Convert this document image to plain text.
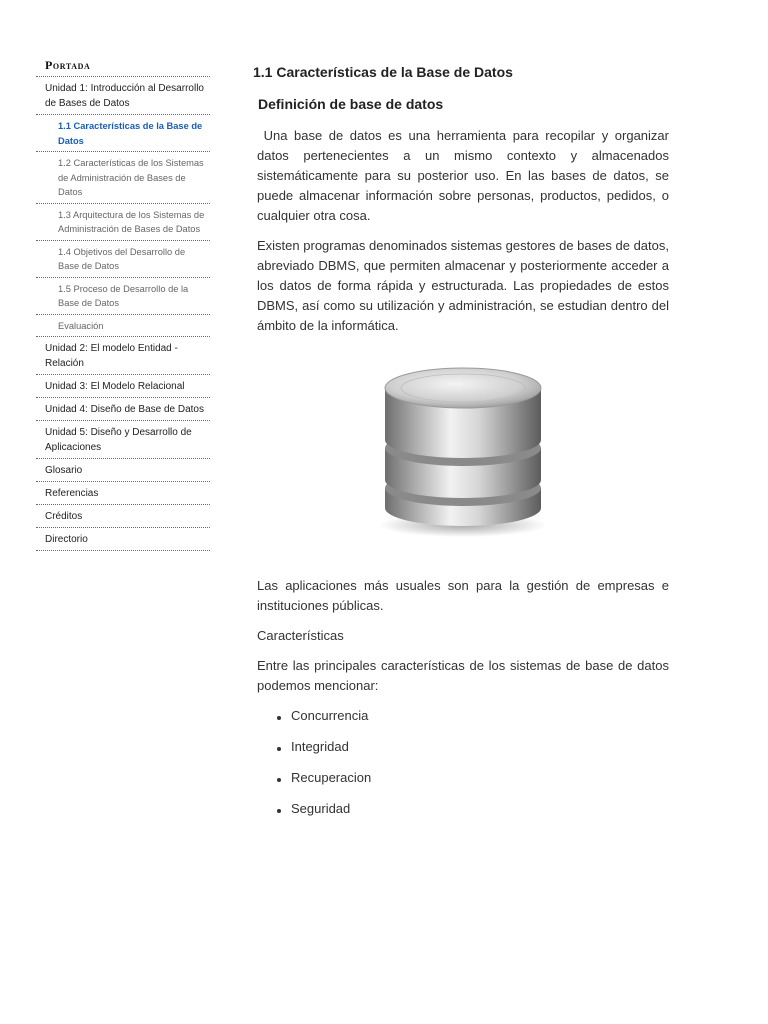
Portada
Unidad 1: Introducción al Desarrollo de Bases de Datos
1.1 Características de la Base de Datos
1.2 Características de los Sistemas de Administración de Bases de Datos
1.3 Arquitectura de los Sistemas de Administración de Bases de Datos
1.4 Objetivos del Desarrollo de Base de Datos
1.5 Proceso de Desarrollo de la Base de Datos
Evaluación
Unidad 2: El modelo Entidad - Relación
Unidad 3: El Modelo Relacional
Unidad 4: Diseño de Base de Datos
Unidad 5: Diseño y Desarrollo de Aplicaciones
Glosario
Referencias
Créditos
Directorio
1.1 Características de la Base de Datos
Definición de base de datos

Una base de datos es una herramienta para recopilar y organizar datos pertenecientes a un mismo contexto y almacenados sistemáticamente para su posterior uso. En las bases de datos, se puede almacenar información sobre personas, productos, pedidos, o cualquier otra cosa.

Existen programas denominados sistemas gestores de bases de datos, abreviado DBMS, que permiten almacenar y posteriormente acceder a los datos de forma rápida y estructurada. Las propiedades de estos DBMS, así como su utilización y administración, se estudian dentro del ámbito de la informática.

Las aplicaciones más usuales son para la gestión de empresas e instituciones públicas.

Características

Entre las principales características de los sistemas de base de datos podemos mencionar:

Concurrencia
Integridad
Recuperacion
Seguridad
